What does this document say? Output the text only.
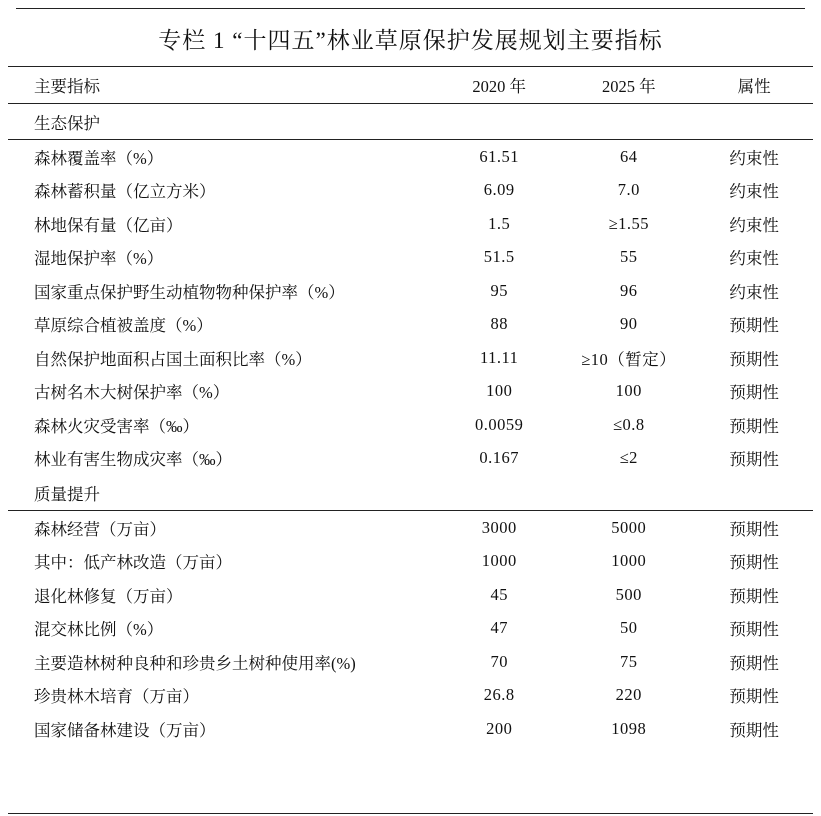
专栏 1 “十四五”林业草原保护发展规划主要指标
主要指标	2020 年	2025 年	属性
生态保护			
森林覆盖率（%）	61.51	64	约束性
森林蓄积量（亿立方米）	6.09	7.0	约束性
林地保有量（亿亩）	1.5	≥1.55	约束性
湿地保护率（%）	51.5	55	约束性
国家重点保护野生动植物物种保护率（%）	95	96	约束性
草原综合植被盖度（%）	88	90	预期性
自然保护地面积占国土面积比率（%）	11.11	≥10（暂定）	预期性
古树名木大树保护率（%）	100	100	预期性
森林火灾受害率（‰）	0.0059	≤0.8	预期性
林业有害生物成灾率（‰）	0.167	≤2	预期性
质量提升			
森林经营（万亩）	3000	5000	预期性
其中：低产林改造（万亩）	1000	1000	预期性
退化林修复（万亩）	45	500	预期性
混交林比例（%）	47	50	预期性
主要造林树种良种和珍贵乡土树种使用率(%)	70	75	预期性
珍贵林木培育（万亩）	26.8	220	预期性
国家储备林建设（万亩）	200	1098	预期性
